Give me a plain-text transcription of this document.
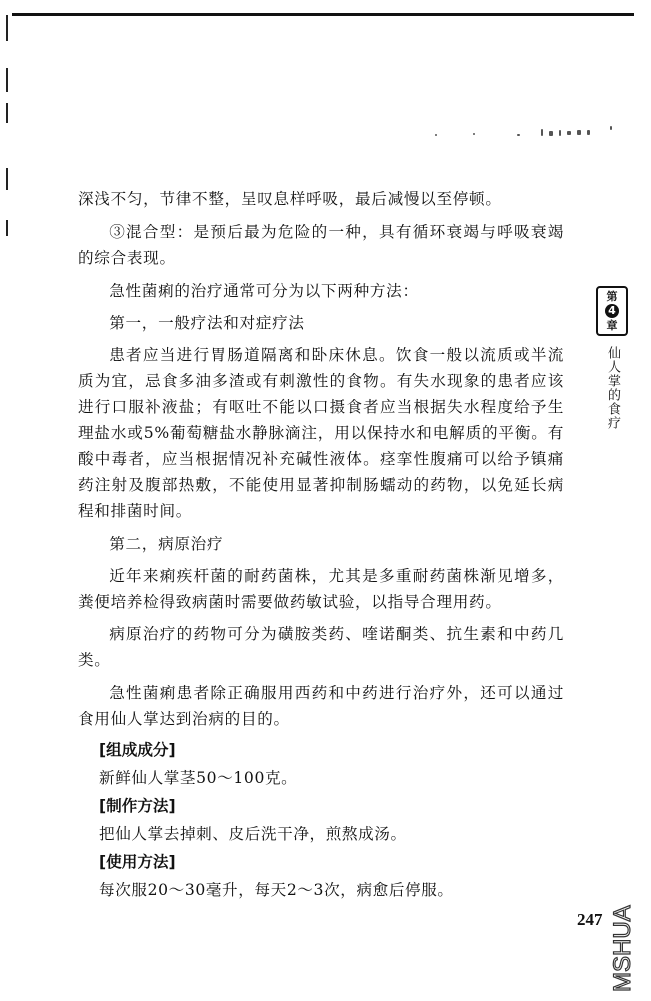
深浅不匀，节律不整，呈叹息样呼吸，最后减慢以至停顿。

③混合型：是预后最为危险的一种，具有循环衰竭与呼吸衰竭的综合表现。

急性菌痢的治疗通常可分为以下两种方法：

第一，一般疗法和对症疗法

患者应当进行胃肠道隔离和卧床休息。饮食一般以流质或半流质为宜，忌食多油多渣或有刺激性的食物。有失水现象的患者应该进行口服补液盐；有呕吐不能以口摄食者应当根据失水程度给予生理盐水或5%葡萄糖盐水静脉滴注，用以保持水和电解质的平衡。有酸中毒者，应当根据情况补充碱性液体。痉挛性腹痛可以给予镇痛药注射及腹部热敷，不能使用显著抑制肠蠕动的药物，以免延长病程和排菌时间。

第二，病原治疗

近年来痢疾杆菌的耐药菌株，尤其是多重耐药菌株渐见增多，粪便培养检得致病菌时需要做药敏试验，以指导合理用药。

病原治疗的药物可分为磺胺类药、喹诺酮类、抗生素和中药几类。

急性菌痢患者除正确服用西药和中药进行治疗外，还可以通过食用仙人掌达到治病的目的。

[组成成分]

新鲜仙人掌茎50～100克。

[制作方法]

把仙人掌去掉刺、皮后洗干净，煎熬成汤。

[使用方法]

每次服20～30毫升，每天2～3次，病愈后停服。

第
4
章
仙人掌的食疗
247 MSHUA
